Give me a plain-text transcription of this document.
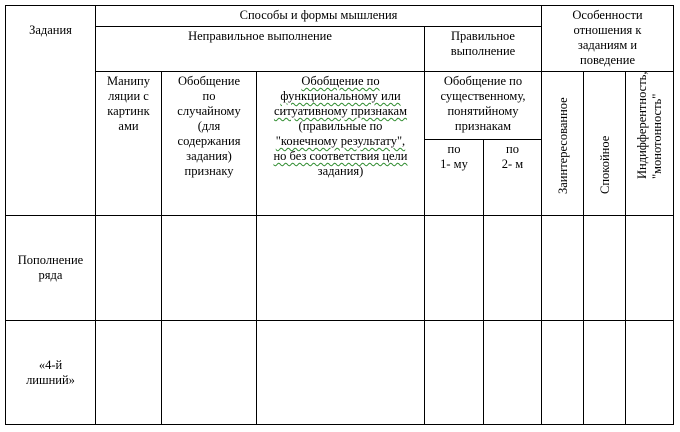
Задания
Способы и формы мышления
Неправильное выполнение	Правильное
выполнение
Особенности
отношения к
заданиям и
поведение
Манипу
ляции с
картинк
ами
Обобщение
по
случайному
(для
содержания
задания)
признаку
Обобщение по
функциональному или
ситуативному признакам
(правильные по
"конечному результату",
но без соответствия цели
задания)
Обобщение по
существенному,
понятийному
признакам
по
1- му
по
2- м	Заинтересованное Спокойное Индифферентность, "монотонность"
Пополнение
ряда
«4-й
лишний»
